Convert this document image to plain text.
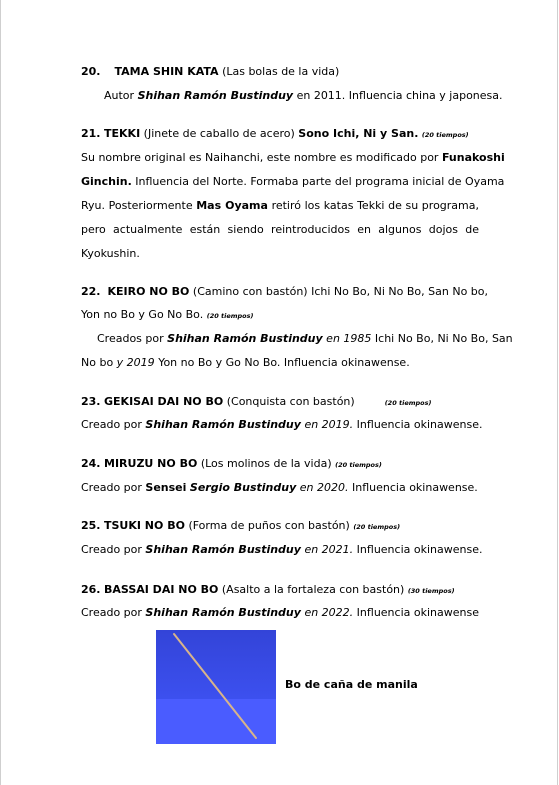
20. TAMA SHIN KATA (Las bolas de la vida)
Autor Shihan Ramón Bustinduy en 2011. Influencia china y japonesa.
21. TEKKI (Jinete de caballo de acero) Sono Ichi, Ni y San. (20 tiempos)
Su nombre original es Naihanchi, este nombre es modificado por Funakoshi
Ginchin. Influencia del Norte. Formaba parte del programa inicial de Oyama
Ryu. Posteriormente Mas Oyama retiró los katas Tekki de su programa,
pero actualmente están siendo reintroducidos en algunos dojos de
Kyokushin.
22. KEIRO NO BO (Camino con bastón) Ichi No Bo, Ni No Bo, San No bo,
Yon no Bo y Go No Bo. (20 tiempos)
Creados por Shihan Ramón Bustinduy en 1985 Ichi No Bo, Ni No Bo, San
No bo y 2019 Yon no Bo y Go No Bo. Influencia okinawense.
23. GEKISAI DAI NO BO (Conquista con bastón)	(20 tiempos)
Creado por Shihan Ramón Bustinduy en 2019. Influencia okinawense.
24. MIRUZU NO BO (Los molinos de la vida) (20 tiempos)
Creado por Sensei Sergio Bustinduy en 2020. Influencia okinawense.
25. TSUKI NO BO (Forma de puños con bastón) (20 tiempos)
Creado por Shihan Ramón Bustinduy en 2021. Influencia okinawense.
26. BASSAI DAI NO BO (Asalto a la fortaleza con bastón) (30 tiempos)
Creado por Shihan Ramón Bustinduy en 2022. Influencia okinawense
Bo de caña de manila
